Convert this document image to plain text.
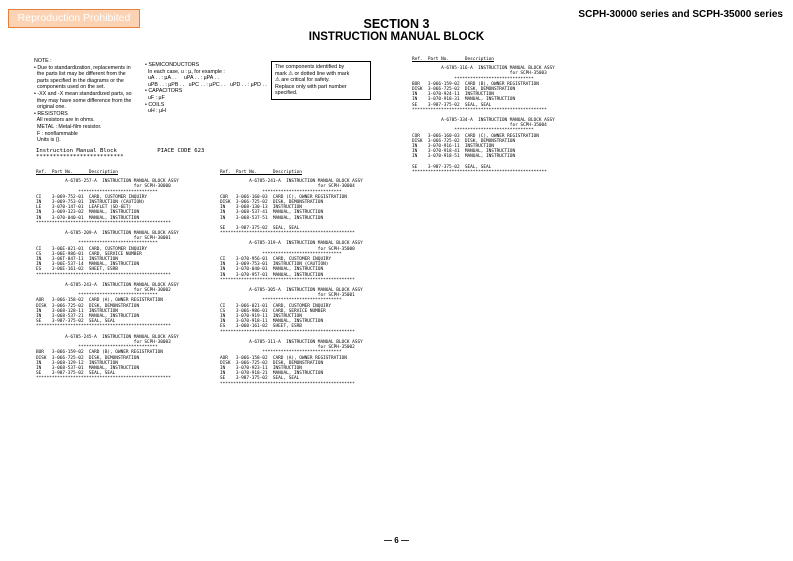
Reproduction Prohibited	SCPH-30000 series and SCPH-35000 series
SECTION 3
INSTRUCTION MANUAL BLOCK
NOTE :
• Due to standardization, replacements in
the parts list may be different from the
parts specified in the diagrams or the
components used on the set.
• -XX and -X mean standardized parts, so
they may have some difference from the
original one.
• RESISTORS
All resistors are in ohms.
METAL : Metal-film resistor.
F : nonflammable
Units is ().
• SEMICONDUCTORS
In each case, u : µ, for example :
uA . . : µA . .     uPA . . : µPA . .
uPB . . : µPB . .   uPC . . : µPC . .   uPD . . : µPD . .
• CAPACITORS
uF : µF
• COILS
uH : µH
The components identified by
mark ⚠ or dotted line with mark
⚠ are critical for safety.
Replace only with part number
specified.
Instruction Manual Block            PIACE CODE 623
**************************
Ref.  Part No.      Description
A-6785-257-A  INSTRUCTION MANUAL BLOCK ASSY
for SCPH-30000
******************************
CI    3-069-752-01  CARD, CUSTOMER INQUIRY
IN    3-069-753-01  INSTRUCTION (CAUTION)
LE    3-070-147-01  LEAFLET (SD-6ET)
IN    3-069-323-02  MANUAL, INSTRUCTION
IN    3-070-040-01  MANUAL, INSTRUCTION
***************************************************
A-6785-209-A  INSTRUCTION MANUAL BLOCK ASSY
for SCPH-30001
******************************
CI    3-06E-021-01  CARD, CUSTOMER INQUIRY
CS    3-06E-986-01  CARD, SERVICE NUMBER
IN    3-06T-847-11  INSTRUCTION
IN    3-06E-537-14  MANUAL, INSTRUCTION
ES    3-06E-161-02  SHEET, ESRB
***************************************************
A-6785-243-A  INSTRUCTION MANUAL BLOCK ASSY
for SCPH-30002
******************************
AOR   3-066-158-02  CARD (A), OWNER REGISTRATION
DISK  3-066-725-02  DISK, DEMONSTRATION
IN    3-068-128-11  INSTRUCTION
IN    3-068-537-21  MANUAL, INSTRUCTION
SE    3-987-375-02  SEAL, SEAL
***************************************************
A-6785-245-A  INSTRUCTION MANUAL BLOCK ASSY
for SCPH-30003
******************************
BOR   3-066-159-02  CARD (B), OWNER REGISTRATION
DISK  3-066-725-02  DISK, DEMONSTRATION
IN    3-068-129-12  INSTRUCTION
IN    3-068-537-01  MANUAL, INSTRUCTION
SE    3-987-375-02  SEAL, SEAL
***************************************************
Ref.  Part No.      Description
A-6785-241-A  INSTRUCTION MANUAL BLOCK ASSY
for SCPH-30004
******************************
COR   3-066-160-03  CARD (C), OWNER REGISTRATION
DISK  3-066-725-02  DISK, DEMONSTRATION
IN    3-068-130-13  INSTRUCTION
IN    3-068-537-41  MANUAL, INSTRUCTION
IN    3-068-537-51  MANUAL, INSTRUCTION

SE    3-987-375-02  SEAL, SEAL
***************************************************
A-6785-319-A  INSTRUCTION MANUAL BLOCK ASSY
for SCPH-35000
******************************
CI    3-070-956-01  CARD, CUSTOMER INQUIRY
IN    3-069-753-01  INSTRUCTION (CAUTION)
IN    3-070-040-01  MANUAL, INSTRUCTION
IN    3-070-957-01  MANUAL, INSTRUCTION
***************************************************
A-6785-305-A  INSTRUCTION MANUAL BLOCK ASSY
for SCPH-35001
******************************
CI    3-066-021-01  CARD, CUSTOMER INQUIRY
CS    3-066-986-01  CARD, SERVICE NUMBER
IN    3-070-919-11  INSTRUCTION
IN    3-070-918-11  MANUAL, INSTRUCTION
ES    3-060-161-02  SHEET, ESRB
***************************************************
A-6785-311-A  INSTRUCTION MANUAL BLOCK ASSY
for SCPH-35002
******************************
AOR   3-066-158-02  CARD (A), OWNER REGISTRATION
DISK  3-066-725-02  DISK, DEMONSTRATION
IN    3-070-923-11  INSTRUCTION
IN    3-070-918-21  MANUAL, INSTRUCTION
SE    3-987-375-02  SEAL, SEAL
***************************************************
Ref.  Part No.      Description
A-6785-316-A  INSTRUCTION MANUAL BLOCK ASSY
for SCPH-35003
******************************
BOR   3-066-159-02  CARD (B), OWNER REGISTRATION
DISK  3-066-725-02  DISK, DEMONSTRATION
IN    3-070-924-11  INSTRUCTION
IN    3-070-918-31  MANUAL, INSTRUCTION
SE    3-987-375-02  SEAL, SEAL
***************************************************
A-6785-334-A  INSTRUCTION MANUAL BLOCK ASSY
for SCPH-35004
******************************
COR   3-066-160-03  CARD (C), OWNER REGISTRATION
DISK  3-066-725-02  DISK, DEMONSTRATION
IN    3-070-916-11  INSTRUCTION
IN    3-070-918-41  MANUAL, INSTRUCTION
IN    3-070-918-51  MANUAL, INSTRUCTION

SE    3-987-375-02  SEAL, SEAL
***************************************************
— 6 —
